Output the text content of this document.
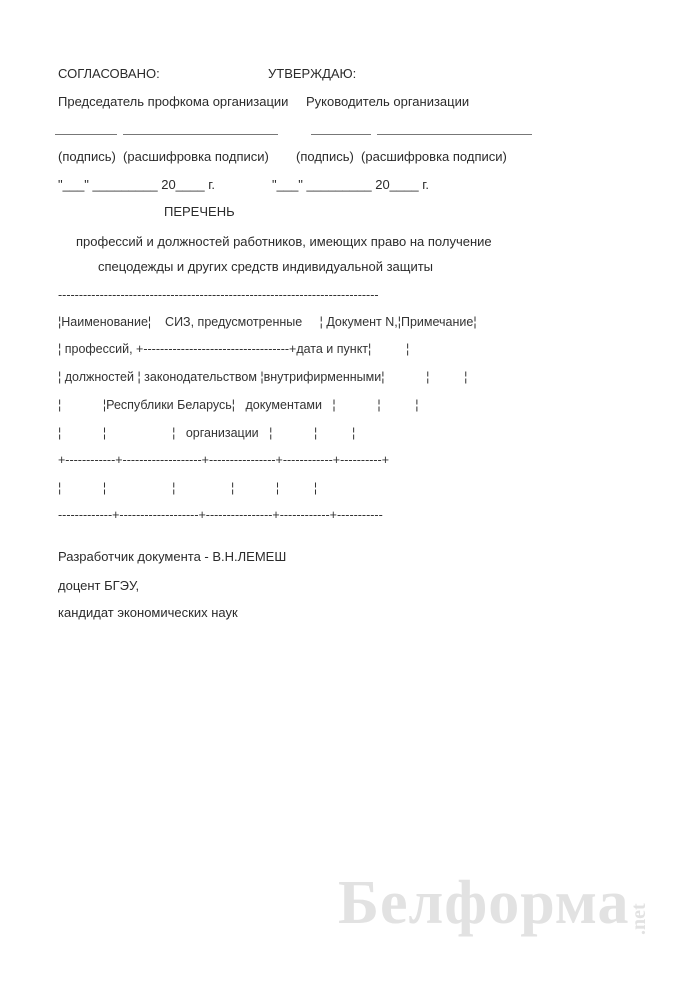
СОГЛАСОВАНО:	УТВЕРЖДАЮ:
Председатель профкома организации Руководитель организации
(подпись)  (расшифровка подписи) (подпись)  (расшифровка подписи)
"___" _________ 20____ г.	"___" _________ 20____ г.
ПЕРЕЧЕНЬ
профессий и должностей работников, имеющих право на получение
спецодежды и других средств индивидуальной защиты
-----------------------------------------------------------------------------
¦Наименование¦    СИЗ, предусмотренные     ¦ Документ N,¦Примечание¦
¦ профессий, +-----------------------------------+дата и пункт¦          ¦
¦ должностей ¦ законодательством ¦внутрифирменными¦            ¦          ¦
¦            ¦Республики Беларусь¦   документами   ¦            ¦          ¦
¦            ¦                   ¦   организации   ¦            ¦          ¦
+------------+-------------------+----------------+------------+----------+
¦            ¦                   ¦                ¦            ¦          ¦
-------------+-------------------+----------------+------------+-----------
Разработчик документа - В.Н.ЛЕМЕШ
доцент БГЭУ,
кандидат экономических наук
Белформа
.net
